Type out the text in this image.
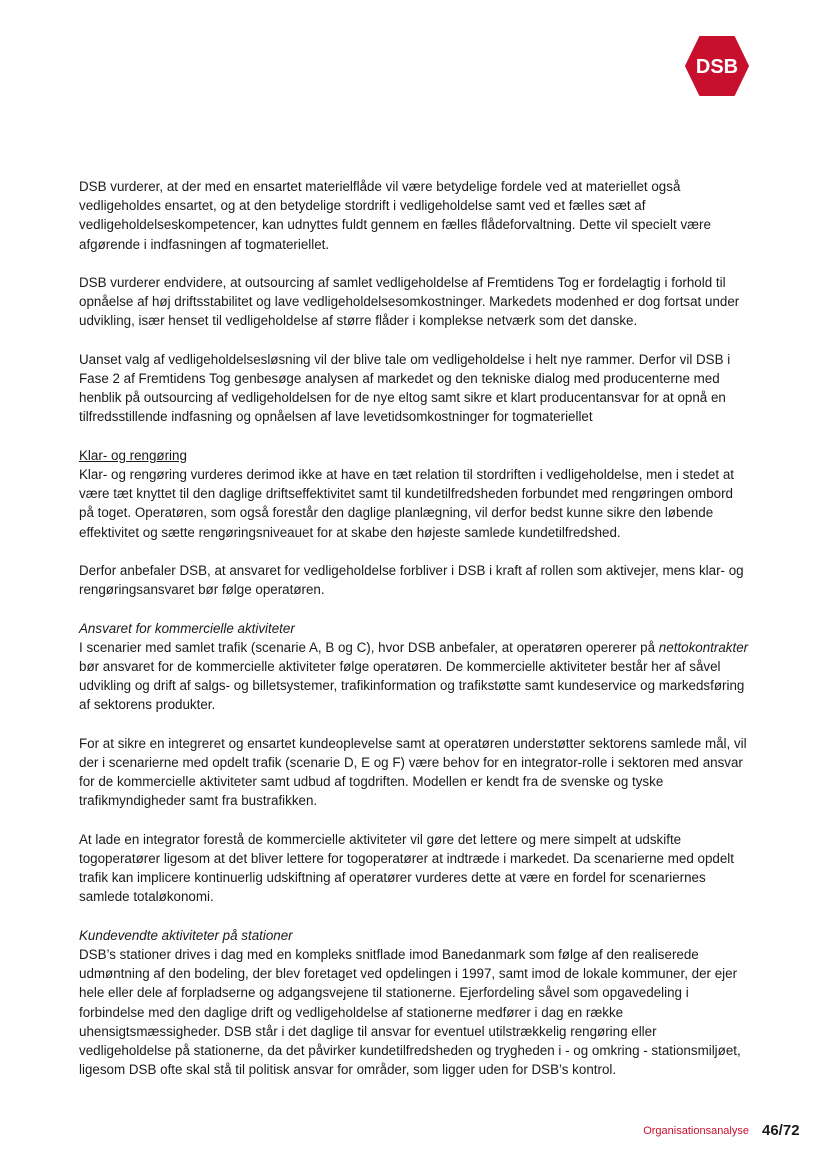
DSB

DSB vurderer, at der med en ensartet materielflåde vil være betydelige fordele ved at materiellet også vedligeholdes ensartet, og at den betydelige stordrift i vedligeholdelse samt ved et fælles sæt af vedligeholdelseskompetencer, kan udnyttes fuldt gennem en fælles flådeforvaltning. Dette vil specielt være afgørende i indfasningen af togmateriellet.

DSB vurderer endvidere, at outsourcing af samlet vedligeholdelse af Fremtidens Tog er fordelagtig i forhold til opnåelse af høj driftsstabilitet og lave vedligeholdelsesomkostninger. Markedets modenhed er dog fortsat under udvikling, især henset til vedligeholdelse af større flåder i komplekse netværk som det danske.

Uanset valg af vedligeholdelsesløsning vil der blive tale om vedligeholdelse i helt nye rammer. Derfor vil DSB i Fase 2 af Fremtidens Tog genbesøge analysen af markedet og den tekniske dialog med producenterne med henblik på outsourcing af vedligeholdelsen for de nye eltog samt sikre et klart producentansvar for at opnå en tilfredsstillende indfasning og opnåelsen af lave levetidsomkostninger for togmateriellet

Klar- og rengøring

Klar- og rengøring vurderes derimod ikke at have en tæt relation til stordriften i vedligeholdelse, men i stedet at være tæt knyttet til den daglige driftseffektivitet samt til kundetilfredsheden forbundet med rengøringen ombord på toget. Operatøren, som også forestår den daglige planlægning, vil derfor bedst kunne sikre den løbende effektivitet og sætte rengøringsniveauet for at skabe den højeste samlede kundetilfredshed.

Derfor anbefaler DSB, at ansvaret for vedligeholdelse forbliver i DSB i kraft af rollen som aktivejer, mens klar- og rengøringsansvaret bør følge operatøren.

Ansvaret for kommercielle aktiviteter

I scenarier med samlet trafik (scenarie A, B og C), hvor DSB anbefaler, at operatøren opererer på nettokontrakter bør ansvaret for de kommercielle aktiviteter følge operatøren. De kommercielle aktiviteter består her af såvel udvikling og drift af salgs- og billetsystemer, trafikinformation og trafikstøtte samt kundeservice og markedsføring af sektorens produkter.

For at sikre en integreret og ensartet kundeoplevelse samt at operatøren understøtter sektorens samlede mål, vil der i scenarierne med opdelt trafik (scenarie D, E og F) være behov for en integrator-rolle i sektoren med ansvar for de kommercielle aktiviteter samt udbud af togdriften. Modellen er kendt fra de svenske og tyske trafikmyndigheder samt fra bustrafikken.

At lade en integrator forestå de kommercielle aktiviteter vil gøre det lettere og mere simpelt at udskifte togoperatører ligesom at det bliver lettere for togoperatører at indtræde i markedet. Da scenarierne med opdelt trafik kan implicere kontinuerlig udskiftning af operatører vurderes dette at være en fordel for scenariernes samlede totaløkonomi.

Kundevendte aktiviteter på stationer

DSB’s stationer drives i dag med en kompleks snitflade imod Banedanmark som følge af den realiserede udmøntning af den bodeling, der blev foretaget ved opdelingen i 1997, samt imod de lokale kommuner, der ejer hele eller dele af forpladserne og adgangsvejene til stationerne. Ejerfordeling såvel som opgavedeling i forbindelse med den daglige drift og vedligeholdelse af stationerne medfører i dag en række uhensigtsmæssigheder. DSB står i det daglige til ansvar for eventuel utilstrækkelig rengøring eller vedligeholdelse på stationerne, da det påvirker kundetilfredsheden og trygheden i - og omkring - stationsmiljøet, ligesom DSB ofte skal stå til politisk ansvar for områder, som ligger uden for DSB’s kontrol.

Organisationsanalyse 46/72
